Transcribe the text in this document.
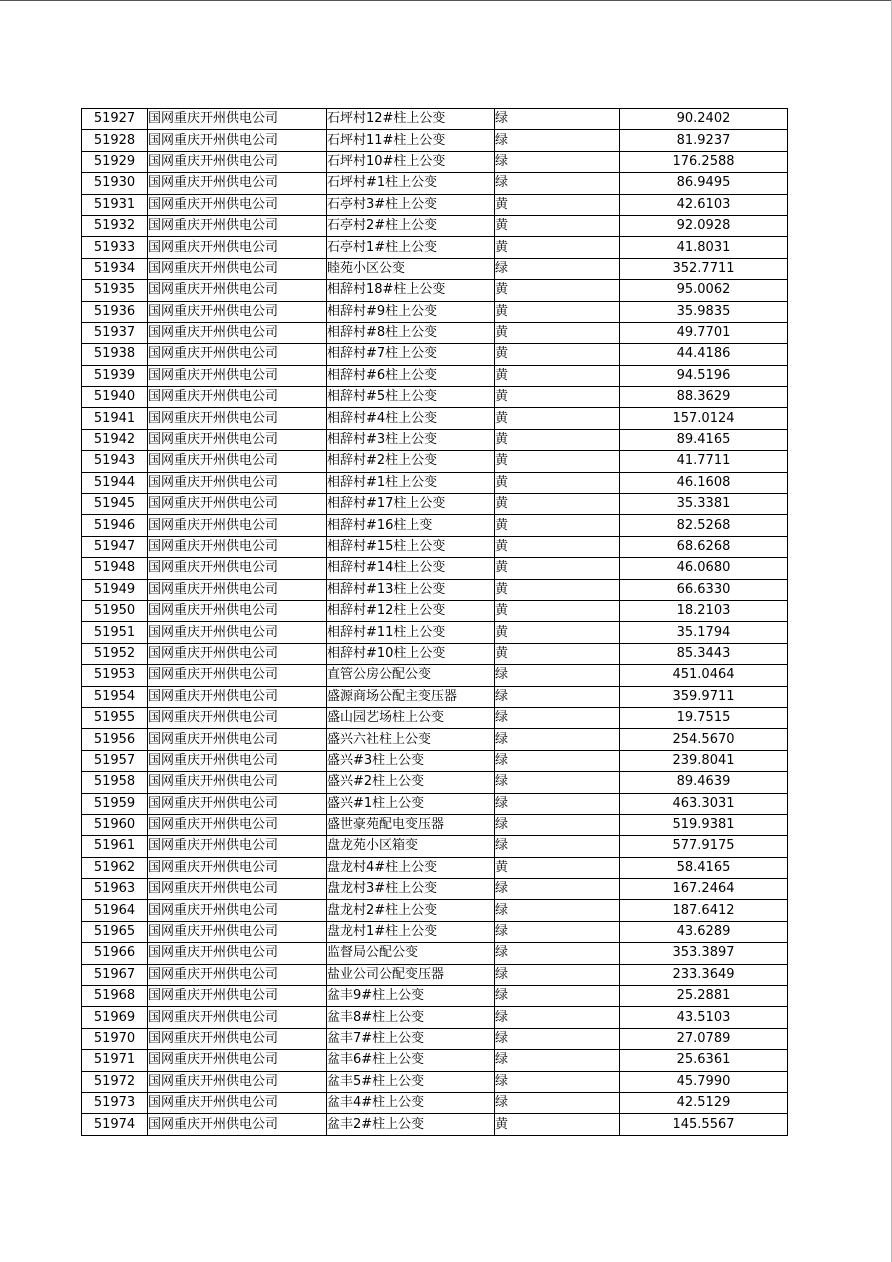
51927	国网重庆开州供电公司	石坪村12#柱上公变	绿	90.2402
51928	国网重庆开州供电公司	石坪村11#柱上公变	绿	81.9237
51929	国网重庆开州供电公司	石坪村10#柱上公变	绿	176.2588
51930	国网重庆开州供电公司	石坪村#1柱上公变	绿	86.9495
51931	国网重庆开州供电公司	石亭村3#柱上公变	黄	42.6103
51932	国网重庆开州供电公司	石亭村2#柱上公变	黄	92.0928
51933	国网重庆开州供电公司	石亭村1#柱上公变	黄	41.8031
51934	国网重庆开州供电公司	睦苑小区公变	绿	352.7711
51935	国网重庆开州供电公司	相辞村18#柱上公变	黄	95.0062
51936	国网重庆开州供电公司	相辞村#9柱上公变	黄	35.9835
51937	国网重庆开州供电公司	相辞村#8柱上公变	黄	49.7701
51938	国网重庆开州供电公司	相辞村#7柱上公变	黄	44.4186
51939	国网重庆开州供电公司	相辞村#6柱上公变	黄	94.5196
51940	国网重庆开州供电公司	相辞村#5柱上公变	黄	88.3629
51941	国网重庆开州供电公司	相辞村#4柱上公变	黄	157.0124
51942	国网重庆开州供电公司	相辞村#3柱上公变	黄	89.4165
51943	国网重庆开州供电公司	相辞村#2柱上公变	黄	41.7711
51944	国网重庆开州供电公司	相辞村#1柱上公变	黄	46.1608
51945	国网重庆开州供电公司	相辞村#17柱上公变	黄	35.3381
51946	国网重庆开州供电公司	相辞村#16柱上变	黄	82.5268
51947	国网重庆开州供电公司	相辞村#15柱上公变	黄	68.6268
51948	国网重庆开州供电公司	相辞村#14柱上公变	黄	46.0680
51949	国网重庆开州供电公司	相辞村#13柱上公变	黄	66.6330
51950	国网重庆开州供电公司	相辞村#12柱上公变	黄	18.2103
51951	国网重庆开州供电公司	相辞村#11柱上公变	黄	35.1794
51952	国网重庆开州供电公司	相辞村#10柱上公变	黄	85.3443
51953	国网重庆开州供电公司	直管公房公配公变	绿	451.0464
51954	国网重庆开州供电公司	盛源商场公配主变压器	绿	359.9711
51955	国网重庆开州供电公司	盛山园艺场柱上公变	绿	19.7515
51956	国网重庆开州供电公司	盛兴六社柱上公变	绿	254.5670
51957	国网重庆开州供电公司	盛兴#3柱上公变	绿	239.8041
51958	国网重庆开州供电公司	盛兴#2柱上公变	绿	89.4639
51959	国网重庆开州供电公司	盛兴#1柱上公变	绿	463.3031
51960	国网重庆开州供电公司	盛世豪苑配电变压器	绿	519.9381
51961	国网重庆开州供电公司	盘龙苑小区箱变	绿	577.9175
51962	国网重庆开州供电公司	盘龙村4#柱上公变	黄	58.4165
51963	国网重庆开州供电公司	盘龙村3#柱上公变	绿	167.2464
51964	国网重庆开州供电公司	盘龙村2#柱上公变	绿	187.6412
51965	国网重庆开州供电公司	盘龙村1#柱上公变	绿	43.6289
51966	国网重庆开州供电公司	监督局公配公变	绿	353.3897
51967	国网重庆开州供电公司	盐业公司公配变压器	绿	233.3649
51968	国网重庆开州供电公司	盆丰9#柱上公变	绿	25.2881
51969	国网重庆开州供电公司	盆丰8#柱上公变	绿	43.5103
51970	国网重庆开州供电公司	盆丰7#柱上公变	绿	27.0789
51971	国网重庆开州供电公司	盆丰6#柱上公变	绿	25.6361
51972	国网重庆开州供电公司	盆丰5#柱上公变	绿	45.7990
51973	国网重庆开州供电公司	盆丰4#柱上公变	绿	42.5129
51974	国网重庆开州供电公司	盆丰2#柱上公变	黄	145.5567
